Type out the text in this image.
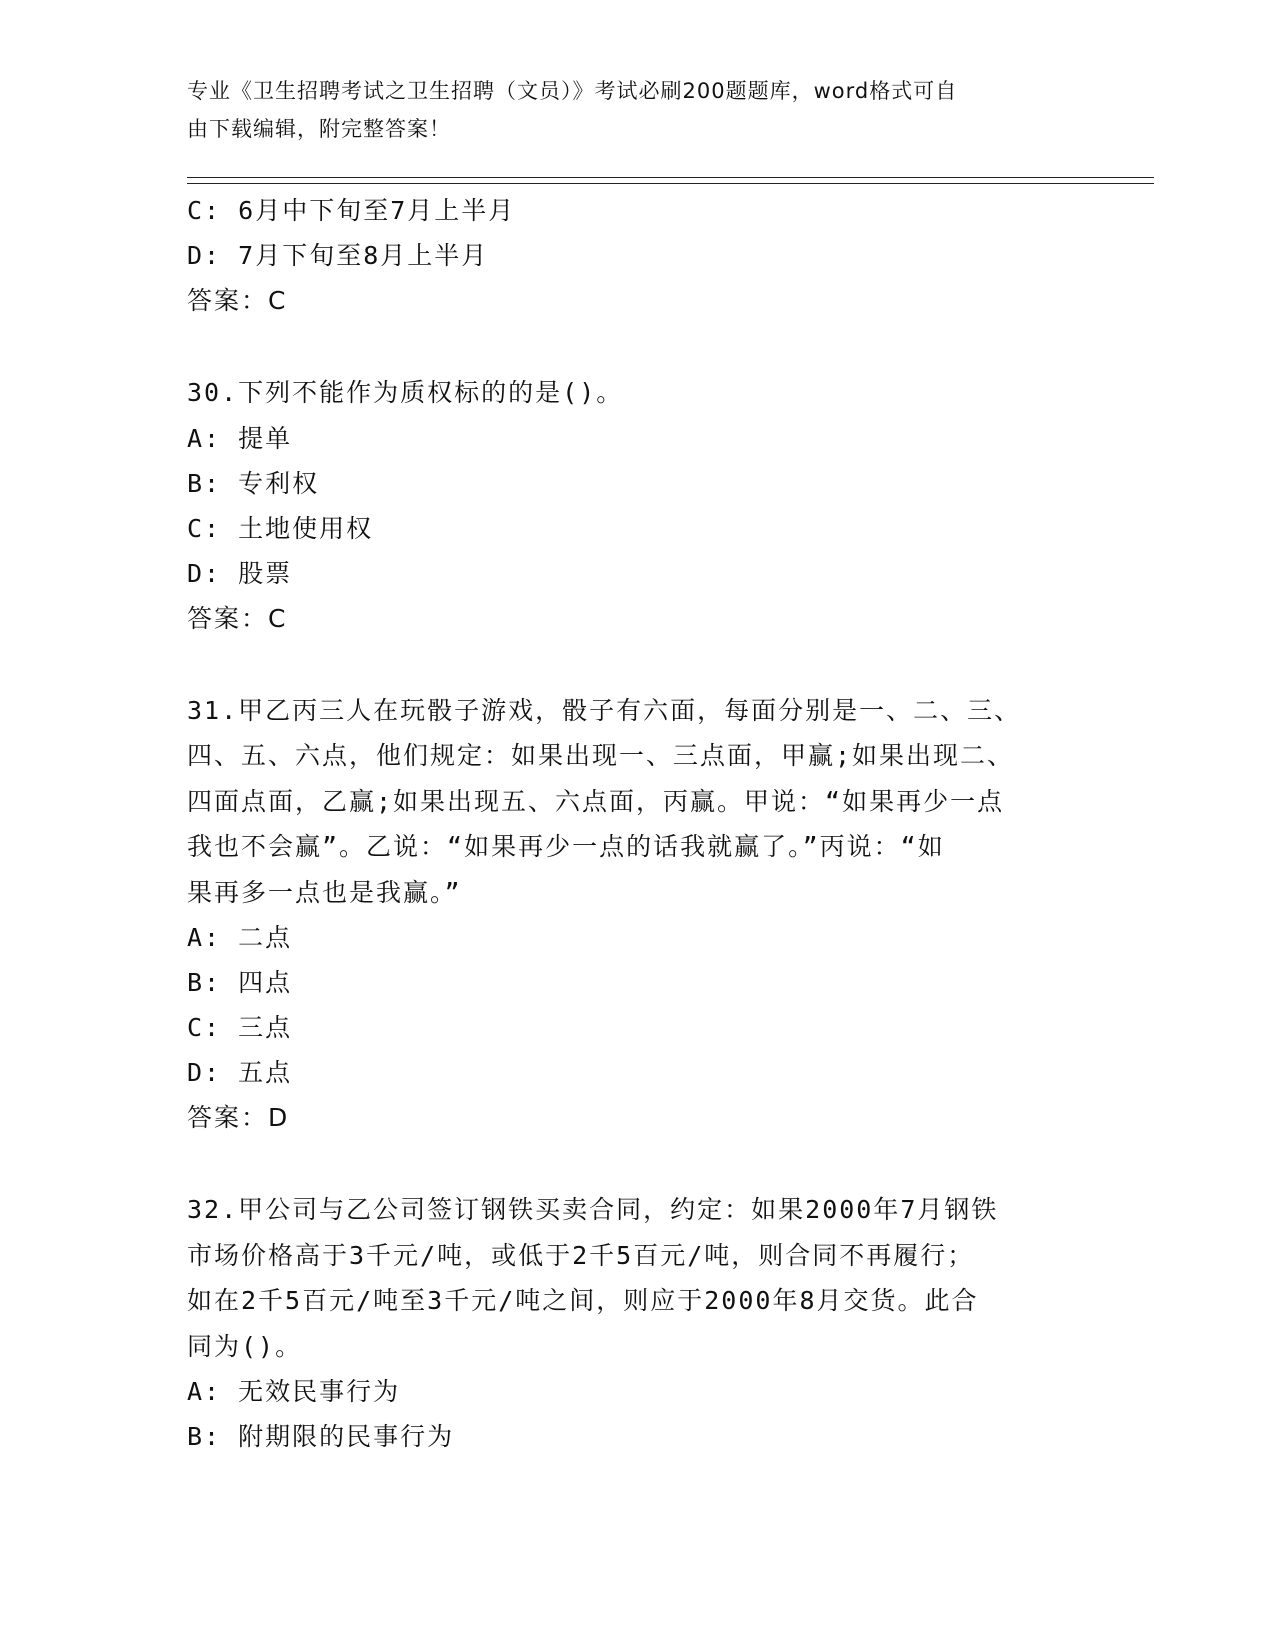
专业《卫生招聘考试之卫生招聘（文员）》考试必刷200题题库，word格式可自
由下载编辑，附完整答案！
C: 6月中下旬至7月上半月
D: 7月下旬至8月上半月
答案：C
30.下列不能作为质权标的的是()。
A: 提单
B: 专利权
C: 土地使用权
D: 股票
答案：C
31.甲乙丙三人在玩骰子游戏，骰子有六面，每面分别是一、二、三、
四、五、六点，他们规定：如果出现一、三点面，甲赢;如果出现二、
四面点面，乙赢;如果出现五、六点面，丙赢。甲说：“如果再少一点
我也不会赢”。乙说：“如果再少一点的话我就赢了。”丙说：“如
果再多一点也是我赢。”
A: 二点
B: 四点
C: 三点
D: 五点
答案：D
32.甲公司与乙公司签订钢铁买卖合同，约定：如果2000年7月钢铁
市场价格高于3千元/吨，或低于2千5百元/吨，则合同不再履行；
如在2千5百元/吨至3千元/吨之间，则应于2000年8月交货。此合
同为()。
A: 无效民事行为
B: 附期限的民事行为
